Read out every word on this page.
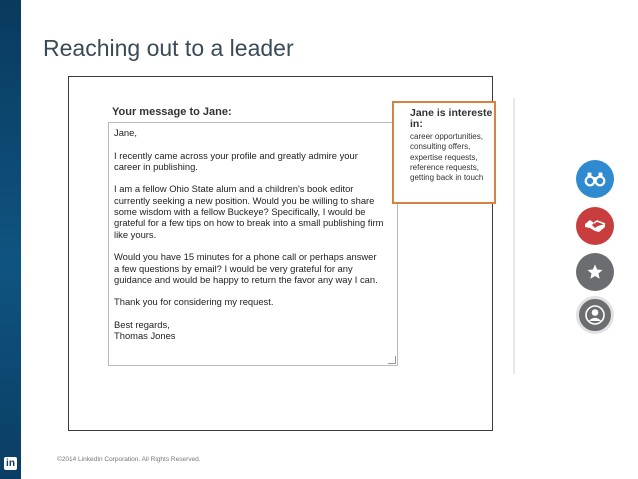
in
Reaching out to a leader
Your message to Jane:
Jane,
I recently came across your profile and greatly admire your
career in publishing.
I am a fellow Ohio State alum and a children's book editor
currently seeking a new position. Would you be willing to share
some wisdom with a fellow Buckeye? Specifically, I would be
grateful for a few tips on how to break into a small publishing firm
like yours.
Would you have 15 minutes for a phone call or perhaps answer
a few questions by email? I would be very grateful for any
guidance and would be happy to return the favor any way I can.
Thank you for considering my request.
Best regards,
Thomas Jones
Jane is intereste
in:
career opportunities,
consulting offers,
expertise requests,
reference requests,
getting back in touch
©2014 LinkedIn Corporation. All Rights Reserved.
